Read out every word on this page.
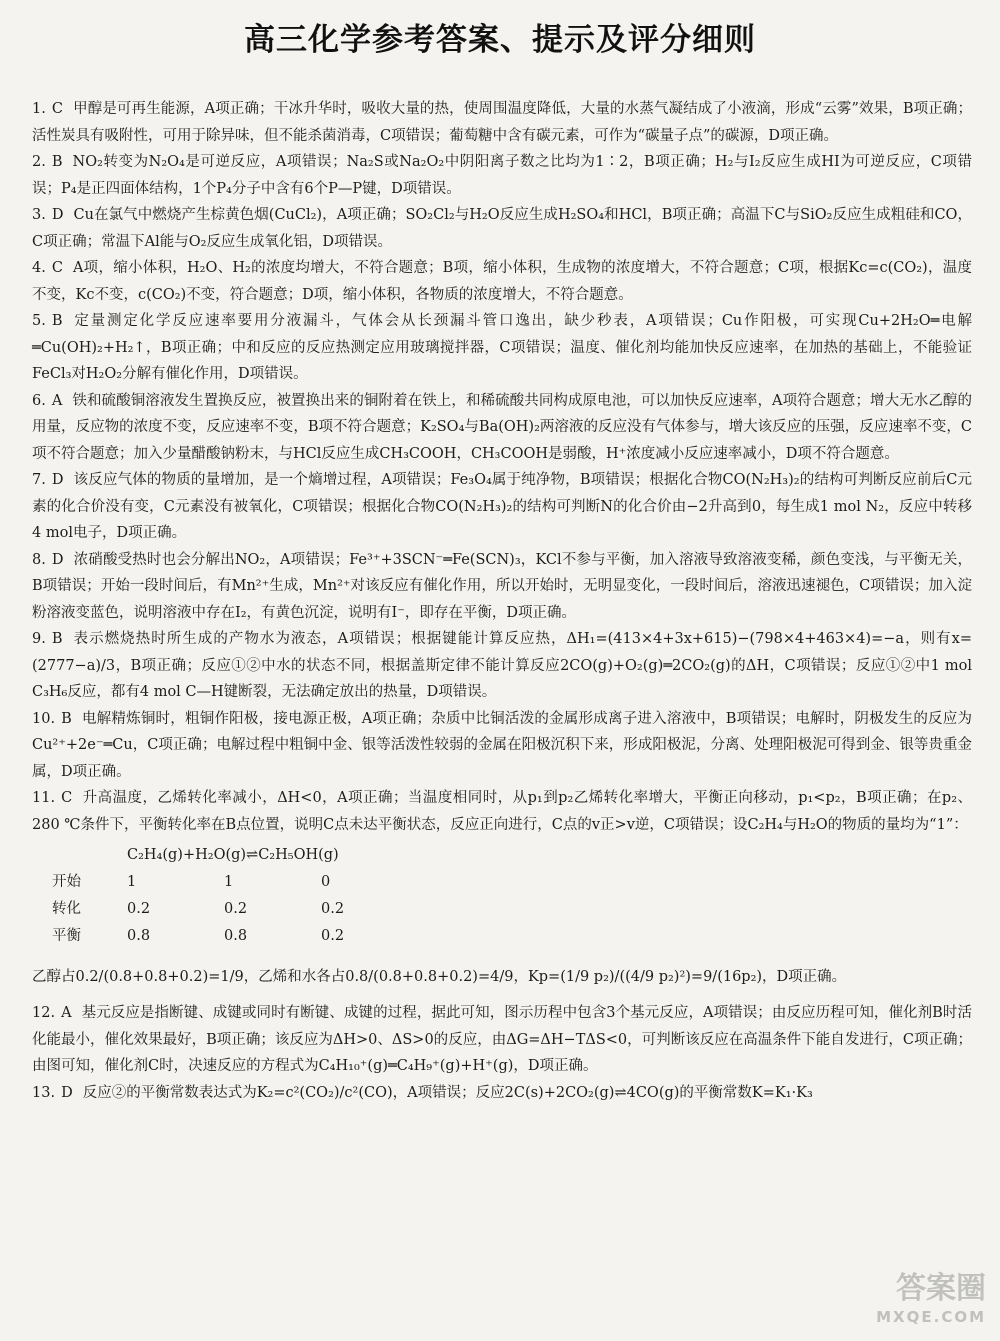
高三化学参考答案、提示及评分细则

1. C 甲醇是可再生能源，A项正确；干冰升华时，吸收大量的热，使周围温度降低，大量的水蒸气凝结成了小液滴，形成“云雾”效果，B项正确；活性炭具有吸附性，可用于除异味，但不能杀菌消毒，C项错误；葡萄糖中含有碳元素，可作为“碳量子点”的碳源，D项正确。

2. B NO₂转变为N₂O₄是可逆反应，A项错误；Na₂S或Na₂O₂中阴阳离子数之比均为1∶2，B项正确；H₂与I₂反应生成HI为可逆反应，C项错误；P₄是正四面体结构，1个P₄分子中含有6个P—P键，D项错误。

3. D Cu在氯气中燃烧产生棕黄色烟(CuCl₂)，A项正确；SO₂Cl₂与H₂O反应生成H₂SO₄和HCl，B项正确；高温下C与SiO₂反应生成粗硅和CO，C项正确；常温下Al能与O₂反应生成氧化铝，D项错误。

4. C A项，缩小体积，H₂O、H₂的浓度均增大，不符合题意；B项，缩小体积，生成物的浓度增大，不符合题意；C项，根据Kc=c(CO₂)，温度不变，Kc不变，c(CO₂)不变，符合题意；D项，缩小体积，各物质的浓度增大，不符合题意。

5. B 定量测定化学反应速率要用分液漏斗，气体会从长颈漏斗管口逸出，缺少秒表，A项错误；Cu作阳极，可实现Cu+2H₂O═电解═Cu(OH)₂+H₂↑，B项正确；中和反应的反应热测定应用玻璃搅拌器，C项错误；温度、催化剂均能加快反应速率，在加热的基础上，不能验证FeCl₃对H₂O₂分解有催化作用，D项错误。

6. A 铁和硫酸铜溶液发生置换反应，被置换出来的铜附着在铁上，和稀硫酸共同构成原电池，可以加快反应速率，A项符合题意；增大无水乙醇的用量，反应物的浓度不变，反应速率不变，B项不符合题意；K₂SO₄与Ba(OH)₂两溶液的反应没有气体参与，增大该反应的压强，反应速率不变，C项不符合题意；加入少量醋酸钠粉末，与HCl反应生成CH₃COOH，CH₃COOH是弱酸，H⁺浓度减小反应速率减小，D项不符合题意。

7. D 该反应气体的物质的量增加，是一个熵增过程，A项错误；Fe₃O₄属于纯净物，B项错误；根据化合物CO(N₂H₃)₂的结构可判断反应前后C元素的化合价没有变，C元素没有被氧化，C项错误；根据化合物CO(N₂H₃)₂的结构可判断N的化合价由−2升高到0，每生成1 mol N₂，反应中转移4 mol电子，D项正确。

8. D 浓硝酸受热时也会分解出NO₂，A项错误；Fe³⁺+3SCN⁻═Fe(SCN)₃，KCl不参与平衡，加入溶液导致溶液变稀，颜色变浅，与平衡无关，B项错误；开始一段时间后，有Mn²⁺生成，Mn²⁺对该反应有催化作用，所以开始时，无明显变化，一段时间后，溶液迅速褪色，C项错误；加入淀粉溶液变蓝色，说明溶液中存在I₂，有黄色沉淀，说明有I⁻，即存在平衡，D项正确。

9. B 表示燃烧热时所生成的产物水为液态，A项错误；根据键能计算反应热，ΔH₁=(413×4+3x+615)−(798×4+463×4)=−a，则有x=(2777−a)/3，B项正确；反应①②中水的状态不同，根据盖斯定律不能计算反应2CO(g)+O₂(g)═2CO₂(g)的ΔH，C项错误；反应①②中1 mol C₃H₆反应，都有4 mol C—H键断裂，无法确定放出的热量，D项错误。

10. B 电解精炼铜时，粗铜作阳极，接电源正极，A项正确；杂质中比铜活泼的金属形成离子进入溶液中，B项错误；电解时，阴极发生的反应为Cu²⁺+2e⁻═Cu，C项正确；电解过程中粗铜中金、银等活泼性较弱的金属在阳极沉积下来，形成阳极泥，分离、处理阳极泥可得到金、银等贵重金属，D项正确。

11. C 升高温度，乙烯转化率减小，ΔH<0，A项正确；当温度相同时，从p₁到p₂乙烯转化率增大，平衡正向移动，p₁<p₂，B项正确；在p₂、280 ℃条件下，平衡转化率在B点位置，说明C点未达平衡状态，反应正向进行，C点的v正>v逆，C项错误；设C₂H₄与H₂O的物质的量均为“1”：

C₂H₄(g)+H₂O(g)⇌C₂H₅OH(g)
开始	1	1	0
转化	0.2	0.2	0.2
平衡	0.8	0.8	0.2

乙醇占0.2/(0.8+0.8+0.2)=1/9，乙烯和水各占0.8/(0.8+0.8+0.2)=4/9，Kp=(1/9 p₂)/((4/9 p₂)²)=9/(16p₂)，D项正确。

12. A 基元反应是指断键、成键或同时有断键、成键的过程，据此可知，图示历程中包含3个基元反应，A项错误；由反应历程可知，催化剂B时活化能最小，催化效果最好，B项正确；该反应为ΔH>0、ΔS>0的反应，由ΔG=ΔH−TΔS<0，可判断该反应在高温条件下能自发进行，C项正确；由图可知，催化剂C时，决速反应的方程式为C₄H₁₀⁺(g)═C₄H₉⁺(g)+H⁺(g)，D项正确。

13. D 反应②的平衡常数表达式为K₂=c²(CO₂)/c²(CO)，A项错误；反应2C(s)+2CO₂(g)⇌4CO(g)的平衡常数K=K₁·K₃

答案圈
MXQE.COM
